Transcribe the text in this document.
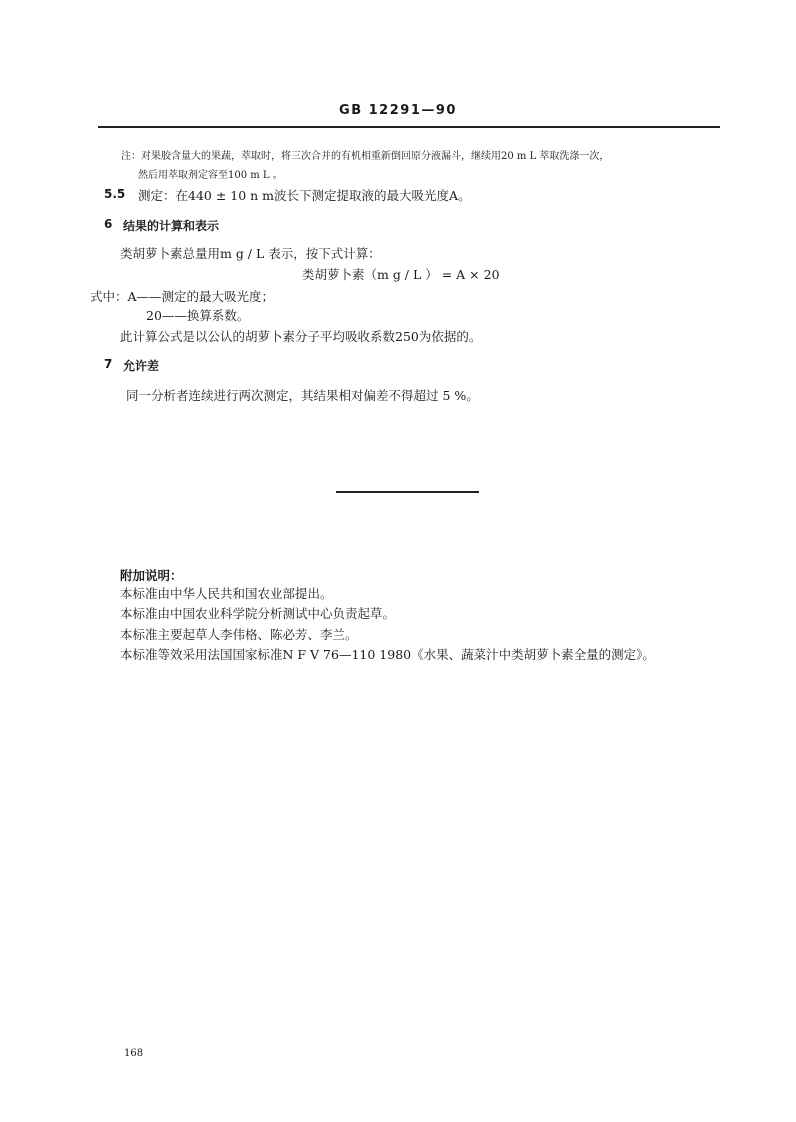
GB 12291—90
注：对果胶含量大的果蔬，萃取时，将三次合并的有机相重新倒回原分液漏斗，继续用20 m L 萃取洗涤一次，
然后用萃取剂定容至100 m L 。
5.5 测定：在440 ± 10 n m波长下测定提取液的最大吸光度A。
6 结果的计算和表示
类胡萝卜素总量用m g / L 表示，按下式计算：
类胡萝卜素（m g / L ） = A × 20
式中：A——测定的最大吸光度；
20——换算系数。
此计算公式是以公认的胡萝卜素分子平均吸收系数250为依据的。
7 允许差
同一分析者连续进行两次测定，其结果相对偏差不得超过 5 %。
附加说明：
本标准由中华人民共和国农业部提出。
本标准由中国农业科学院分析测试中心负责起草。
本标准主要起草人李伟格、陈必芳、李兰。
本标准等效采用法国国家标准N F V 76—110 1980《水果、蔬菜汁中类胡萝卜素全量的测定》。
168
